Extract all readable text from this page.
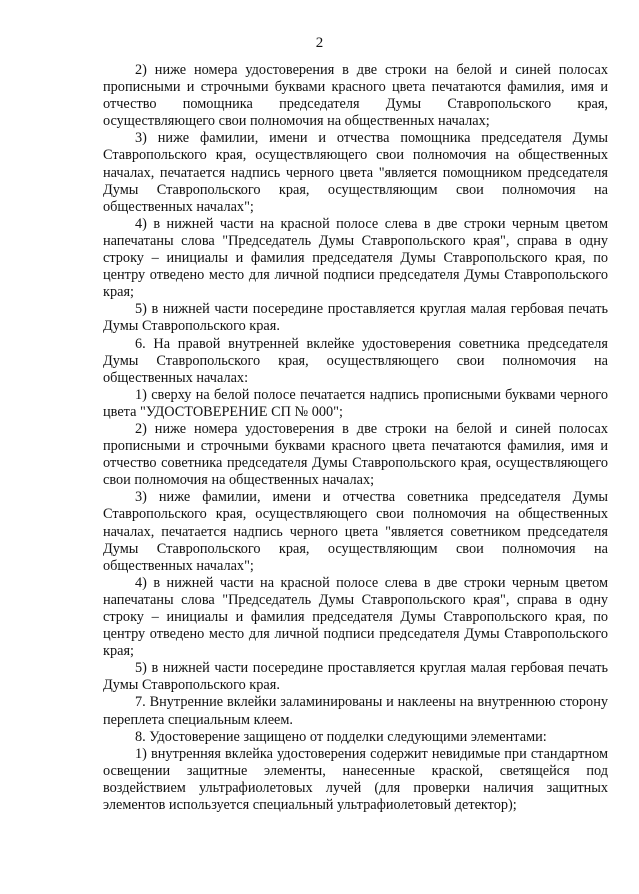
2

2) ниже номера удостоверения в две строки на белой и синей полосах прописными и строчными буквами красного цвета печатаются фамилия, имя и отчество помощника председателя Думы Ставропольского края, осуществляющего свои полномочия на общественных началах;

3) ниже фамилии, имени и отчества помощника председателя Думы Ставропольского края, осуществляющего свои полномочия на общественных началах, печатается надпись черного цвета "является помощником председателя Думы Ставропольского края, осуществляющим свои полномочия на общественных началах";

4) в нижней части на красной полосе слева в две строки черным цветом напечатаны слова "Председатель Думы Ставропольского края", справа в одну строку – инициалы и фамилия председателя Думы Ставропольского края, по центру отведено место для личной подписи председателя Думы Ставропольского края;

5) в нижней части посередине проставляется круглая малая гербовая печать Думы Ставропольского края.

6. На правой внутренней вклейке удостоверения советника председателя Думы Ставропольского края, осуществляющего свои полномочия на общественных началах:

1) сверху на белой полосе печатается надпись прописными буквами черного цвета "УДОСТОВЕРЕНИЕ СП № 000";

2) ниже номера удостоверения в две строки на белой и синей полосах прописными и строчными буквами красного цвета печатаются фамилия, имя и отчество советника председателя Думы Ставропольского края, осуществляющего свои полномочия на общественных началах;

3) ниже фамилии, имени и отчества советника председателя Думы Ставропольского края, осуществляющего свои полномочия на общественных началах, печатается надпись черного цвета "является советником председателя Думы Ставропольского края, осуществляющим свои полномочия на общественных началах";

4) в нижней части на красной полосе слева в две строки черным цветом напечатаны слова "Председатель Думы Ставропольского края", справа в одну строку – инициалы и фамилия председателя Думы Ставропольского края, по центру отведено место для личной подписи председателя Думы Ставропольского края;

5) в нижней части посередине проставляется круглая малая гербовая печать Думы Ставропольского края.

7. Внутренние вклейки заламинированы и наклеены на внутреннюю сторону переплета специальным клеем.

8. Удостоверение защищено от подделки следующими элементами:

1) внутренняя вклейка удостоверения содержит невидимые при стандартном освещении защитные элементы, нанесенные краской, светящейся под воздействием ультрафиолетовых лучей (для проверки наличия защитных элементов используется специальный ультрафиолетовый детектор);
